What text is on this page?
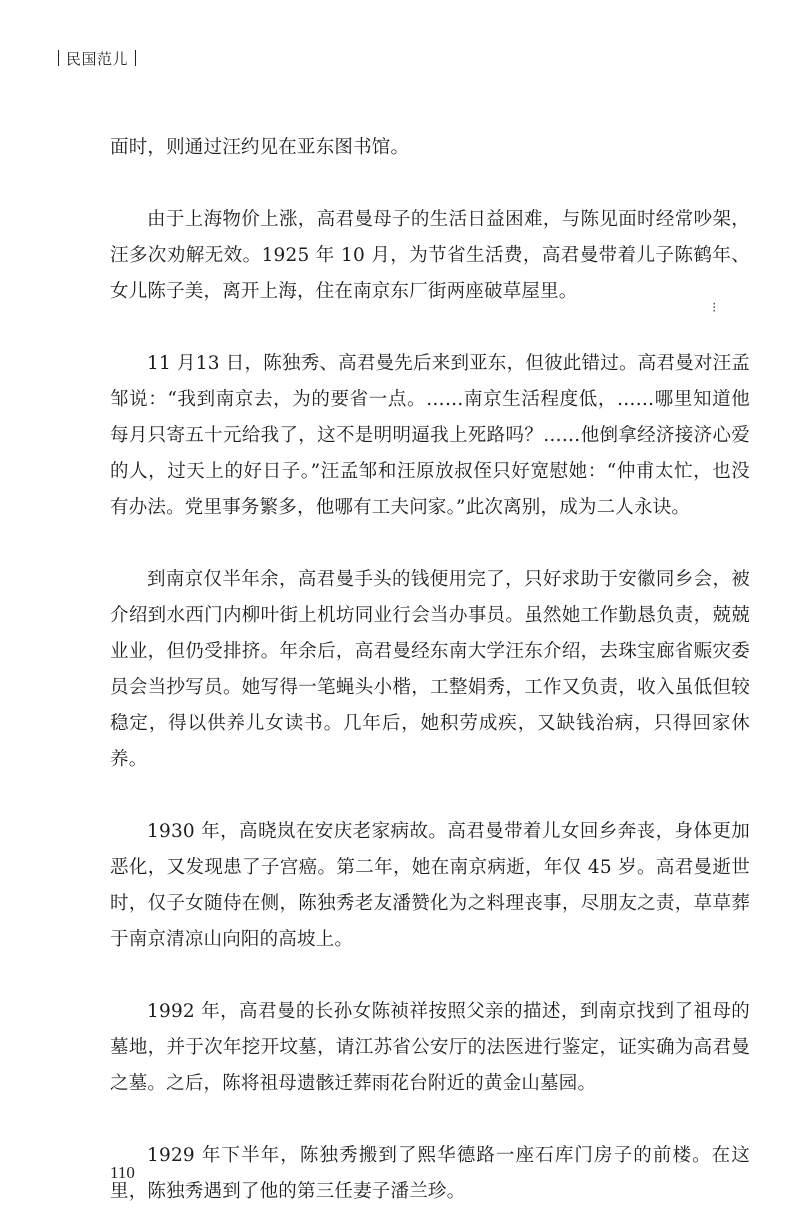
民国范儿
⁝

面时，则通过汪约见在亚东图书馆。

由于上海物价上涨，高君曼母子的生活日益困难，与陈见面时经常吵架，汪多次劝解无效。1925 年 10 月，为节省生活费，高君曼带着儿子陈鹤年、女儿陈子美，离开上海，住在南京东厂街两座破草屋里。

11 月13 日，陈独秀、高君曼先后来到亚东，但彼此错过。高君曼对汪孟邹说：“我到南京去，为的要省一点。……南京生活程度低，……哪里知道他每月只寄五十元给我了，这不是明明逼我上死路吗？……他倒拿经济接济心爱的人，过天上的好日子。”汪孟邹和汪原放叔侄只好宽慰她：“仲甫太忙，也没有办法。党里事务繁多，他哪有工夫问家。”此次离别，成为二人永诀。

到南京仅半年余，高君曼手头的钱便用完了，只好求助于安徽同乡会，被介绍到水西门内柳叶街上机坊同业行会当办事员。虽然她工作勤恳负责，兢兢业业，但仍受排挤。年余后，高君曼经东南大学汪东介绍，去珠宝廊省赈灾委员会当抄写员。她写得一笔蝇头小楷，工整娟秀，工作又负责，收入虽低但较稳定，得以供养儿女读书。几年后，她积劳成疾，又缺钱治病，只得回家休养。

1930 年，高晓岚在安庆老家病故。高君曼带着儿女回乡奔丧，身体更加恶化，又发现患了子宫癌。第二年，她在南京病逝，年仅 45 岁。高君曼逝世时，仅子女随侍在侧，陈独秀老友潘赞化为之料理丧事，尽朋友之责，草草葬于南京清凉山向阳的高坡上。

1992 年，高君曼的长孙女陈祯祥按照父亲的描述，到南京找到了祖母的墓地，并于次年挖开坟墓，请江苏省公安厅的法医进行鉴定，证实确为高君曼之墓。之后，陈将祖母遗骸迁葬雨花台附近的黄金山墓园。

1929 年下半年，陈独秀搬到了熙华德路一座石库门房子的前楼。在这里，陈独秀遇到了他的第三任妻子潘兰珍。

110
